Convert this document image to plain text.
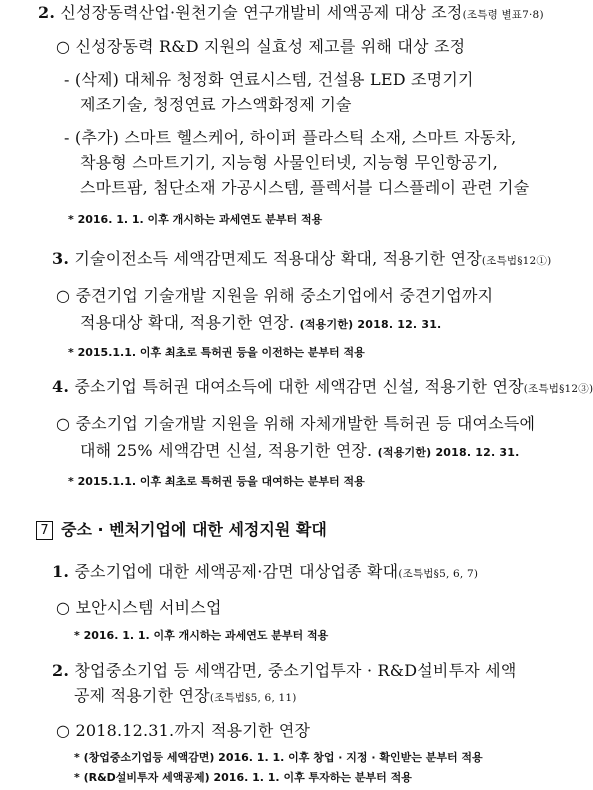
2. 신성장동력산업·원천기술 연구개발비 세액공제 대상 조정(조특령 별표7·8)
○ 신성장동력 R&D 지원의 실효성 제고를 위해 대상 조정
- (삭제) 대체유 청정화 연료시스템, 건설용 LED 조명기기
제조기술, 청정연료 가스액화정제 기술
- (추가) 스마트 헬스케어, 하이퍼 플라스틱 소재, 스마트 자동차,
착용형 스마트기기, 지능형 사물인터넷, 지능형 무인항공기,
스마트팜, 첨단소재 가공시스템, 플렉서블 디스플레이 관련 기술
* 2016. 1. 1. 이후 개시하는 과세연도 분부터 적용
3. 기술이전소득 세액감면제도 적용대상 확대, 적용기한 연장(조특법§12①)
○ 중견기업 기술개발 지원을 위해 중소기업에서 중견기업까지
적용대상 확대, 적용기한 연장. (적용기한) 2018. 12. 31.
* 2015.1.1. 이후 최초로 특허권 등을 이전하는 분부터 적용
4. 중소기업 특허권 대여소득에 대한 세액감면 신설, 적용기한 연장(조특법§12③)
○ 중소기업 기술개발 지원을 위해 자체개발한 특허권 등 대여소득에
대해 25% 세액감면 신설, 적용기한 연장. (적용기한) 2018. 12. 31.
* 2015.1.1. 이후 최초로 특허권 등을 대여하는 분부터 적용
7 중소 · 벤처기업에 대한 세정지원 확대
1. 중소기업에 대한 세액공제·감면 대상업종 확대(조특법§5, 6, 7)
○ 보안시스템 서비스업
* 2016. 1. 1. 이후 개시하는 과세연도 분부터 적용
2. 창업중소기업 등 세액감면, 중소기업투자 · R&D설비투자 세액
공제 적용기한 연장(조특법§5, 6, 11)
○ 2018.12.31.까지 적용기한 연장
* (창업중소기업등 세액감면) 2016. 1. 1. 이후 창업 · 지정 · 확인받는 분부터 적용
* (R&D설비투자 세액공제) 2016. 1. 1. 이후 투자하는 분부터 적용
